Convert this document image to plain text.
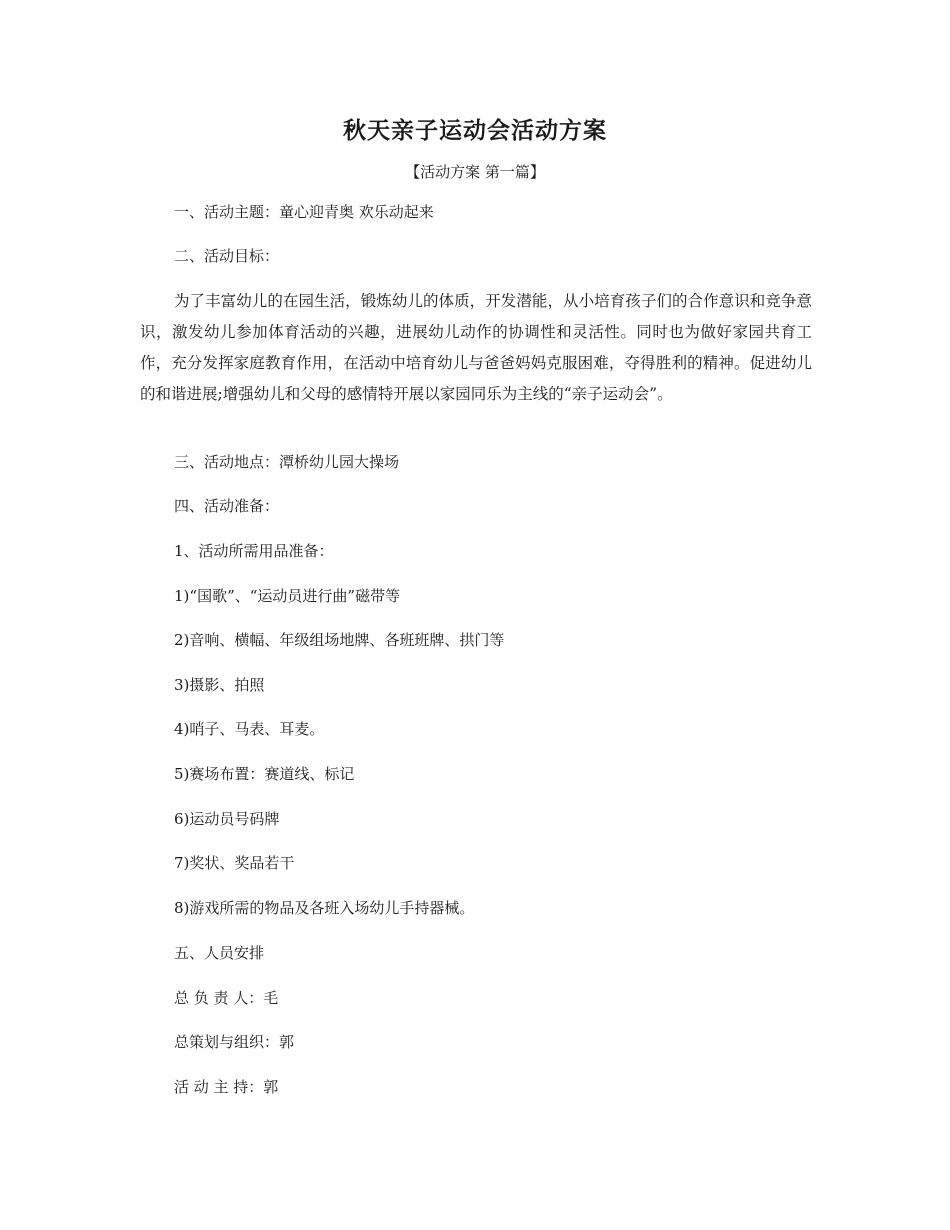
秋天亲子运动会活动方案
【活动方案 第一篇】
一、活动主题：童心迎青奥 欢乐动起来
二、活动目标：
为了丰富幼儿的在园生活，锻炼幼儿的体质，开发潜能，从小培育孩子们的合作意识和竞争意识，激发幼儿参加体育活动的兴趣，进展幼儿动作的协调性和灵活性。同时也为做好家园共育工作，充分发挥家庭教育作用，在活动中培育幼儿与爸爸妈妈克服困难，夺得胜利的精神。促进幼儿的和谐进展;增强幼儿和父母的感情特开展以家园同乐为主线的“亲子运动会”。
三、活动地点：潭桥幼儿园大操场
四、活动准备：
1、活动所需用品准备：
1)“国歌”、“运动员进行曲”磁带等
2)音响、横幅、年级组场地牌、各班班牌、拱门等
3)摄影、拍照
4)哨子、马表、耳麦。
5)赛场布置：赛道线、标记
6)运动员号码牌
7)奖状、奖品若干
8)游戏所需的物品及各班入场幼儿手持器械。
五、人员安排
总 负 责 人：毛
总策划与组织：郭
活 动 主 持：郭
